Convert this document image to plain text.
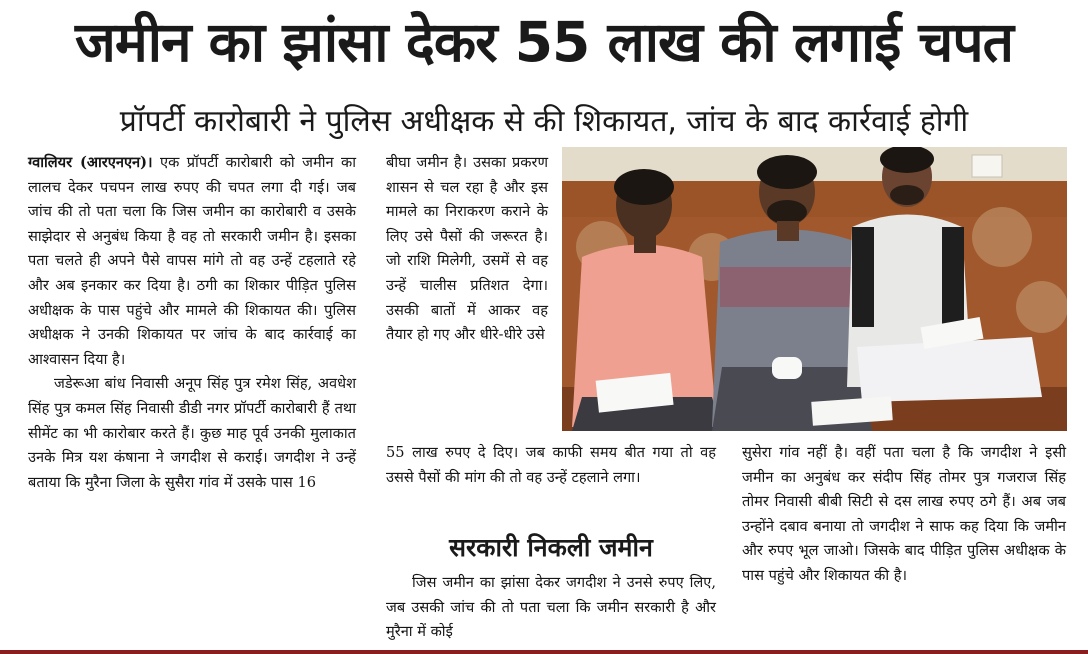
जमीन का झांसा देकर 55 लाख की लगाई चपत
प्रॉपर्टी कारोबारी ने पुलिस अधीक्षक से की शिकायत, जांच के बाद कार्रवाई होगी

ग्वालियर (आरएनएन)। एक प्रॉपर्टी कारोबारी को जमीन का लालच देकर पचपन लाख रुपए की चपत लगा दी गई। जब जांच की तो पता चला कि जिस जमीन का कारोबारी व उसके साझेदार से अनुबंध किया है वह तो सरकारी जमीन है। इसका पता चलते ही अपने पैसे वापस मांगे तो वह उन्हें टहलाते रहे और अब इनकार कर दिया है। ठगी का शिकार पीड़ित पुलिस अधीक्षक के पास पहुंचे और मामले की शिकायत की। पुलिस अधीक्षक ने उनकी शिकायत पर जांच के बाद कार्रवाई का आश्वासन दिया है।

जडेरूआ बांध निवासी अनूप सिंह पुत्र रमेश सिंह, अवधेश सिंह पुत्र कमल सिंह निवासी डीडी नगर प्रॉपर्टी कारोबारी हैं तथा सीमेंट का भी कारोबार करते हैं। कुछ माह पूर्व उनकी मुलाकात उनके मित्र यश कंषाना ने जगदीश से कराई। जगदीश ने उन्हें बताया कि मुरैना जिला के सुसैरा गांव में उसके पास 16

बीघा जमीन है। उसका प्रकरण शासन से चल रहा है और इस मामले का निराकरण कराने के लिए उसे पैसों की जरूरत है। जो राशि मिलेगी, उसमें से वह उन्हें चालीस प्रतिशत देगा। उसकी बातों में आकर वह तैयार हो गए और धीरे-धीरे उसे

55 लाख रुपए दे दिए। जब काफी समय बीत गया तो वह उससे पैसों की मांग की तो वह उन्हें टहलाने लगा।

सरकारी निकली जमीन

जिस जमीन का झांसा देकर जगदीश ने उनसे रुपए लिए, जब उसकी जांच की तो पता चला कि जमीन सरकारी है और मुरैना में कोई

सुसेरा गांव नहीं है। वहीं पता चला है कि जगदीश ने इसी जमीन का अनुबंध कर संदीप सिंह तोमर पुत्र गजराज सिंह तोमर निवासी बीबी सिटी से दस लाख रुपए ठगे हैं। अब जब उन्होंने दबाव बनाया तो जगदीश ने साफ कह दिया कि जमीन और रुपए भूल जाओ। जिसके बाद पीड़ित पुलिस अधीक्षक के पास पहुंचे और शिकायत की है।
